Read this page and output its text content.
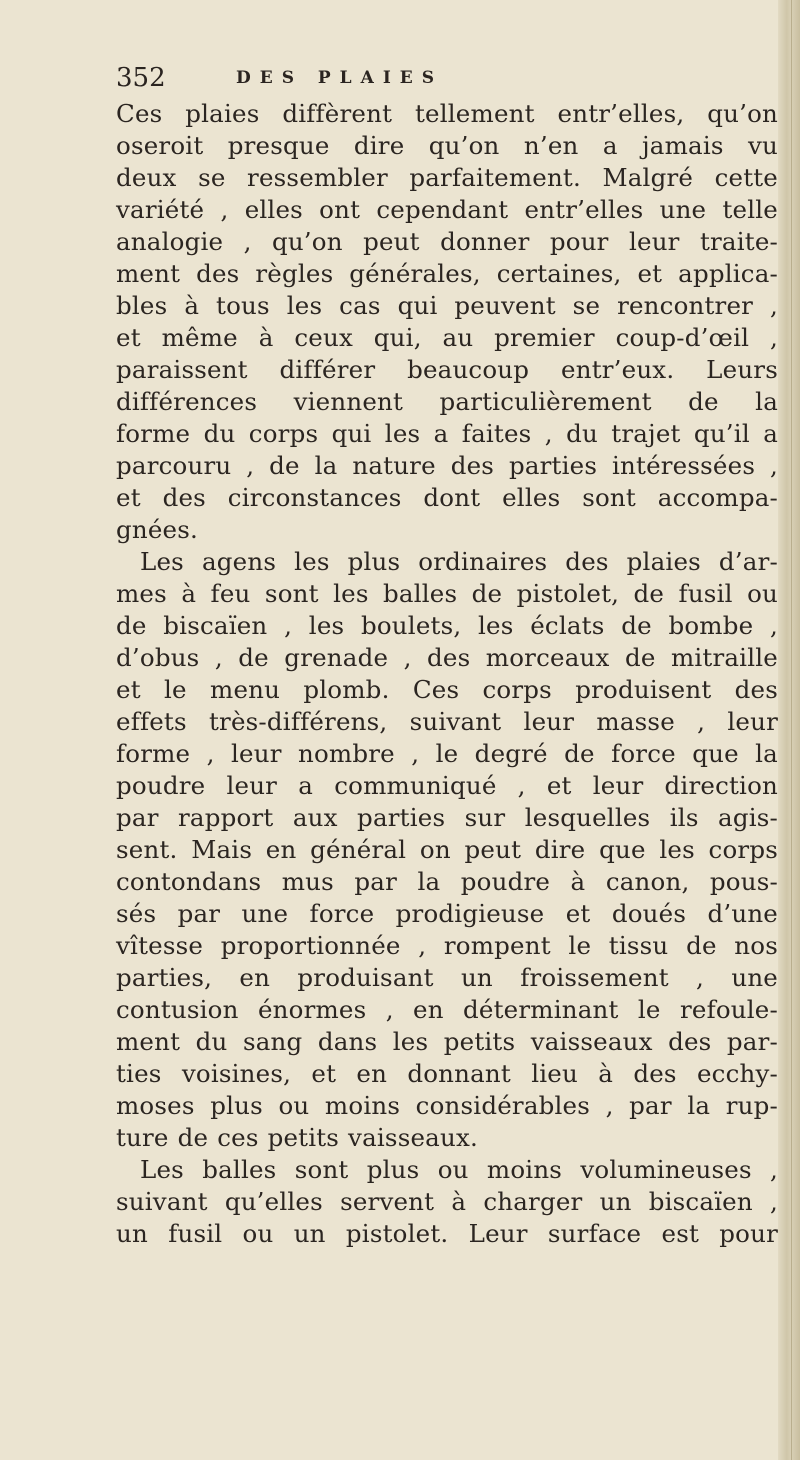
352	DES PLAIES
Ces plaies diffèrent tellement entr’elles, qu’on
oseroit presque dire qu’on n’en a jamais vu
deux se ressembler parfaitement. Malgré cette
variété , elles ont cependant entr’elles une telle
analogie , qu’on peut donner pour leur traite-
ment des règles générales, certaines, et applica-
bles à tous les cas qui peuvent se rencontrer ,
et même à ceux qui, au premier coup-d’œil ,
paraissent différer beaucoup entr’eux. Leurs
différences viennent particulièrement de la
forme du corps qui les a faites , du trajet qu’il a
parcouru , de la nature des parties intéressées ,
et des circonstances dont elles sont accompa-
gnées.
Les agens les plus ordinaires des plaies d’ar-
mes à feu sont les balles de pistolet, de fusil ou
de biscaïen , les boulets, les éclats de bombe ,
d’obus , de grenade , des morceaux de mitraille
et le menu plomb. Ces corps produisent des
effets très-différens, suivant leur masse , leur
forme , leur nombre , le degré de force que la
poudre leur a communiqué , et leur direction
par rapport aux parties sur lesquelles ils agis-
sent. Mais en général on peut dire que les corps
contondans mus par la poudre à canon, pous-
sés par une force prodigieuse et doués d’une
vîtesse proportionnée , rompent le tissu de nos
parties, en produisant un froissement , une
contusion énormes , en déterminant le refoule-
ment du sang dans les petits vaisseaux des par-
ties voisines, et en donnant lieu à des ecchy-
moses plus ou moins considérables , par la rup-
ture de ces petits vaisseaux.
Les balles sont plus ou moins volumineuses ,
suivant qu’elles servent à charger un biscaïen ,
un fusil ou un pistolet. Leur surface est pour
